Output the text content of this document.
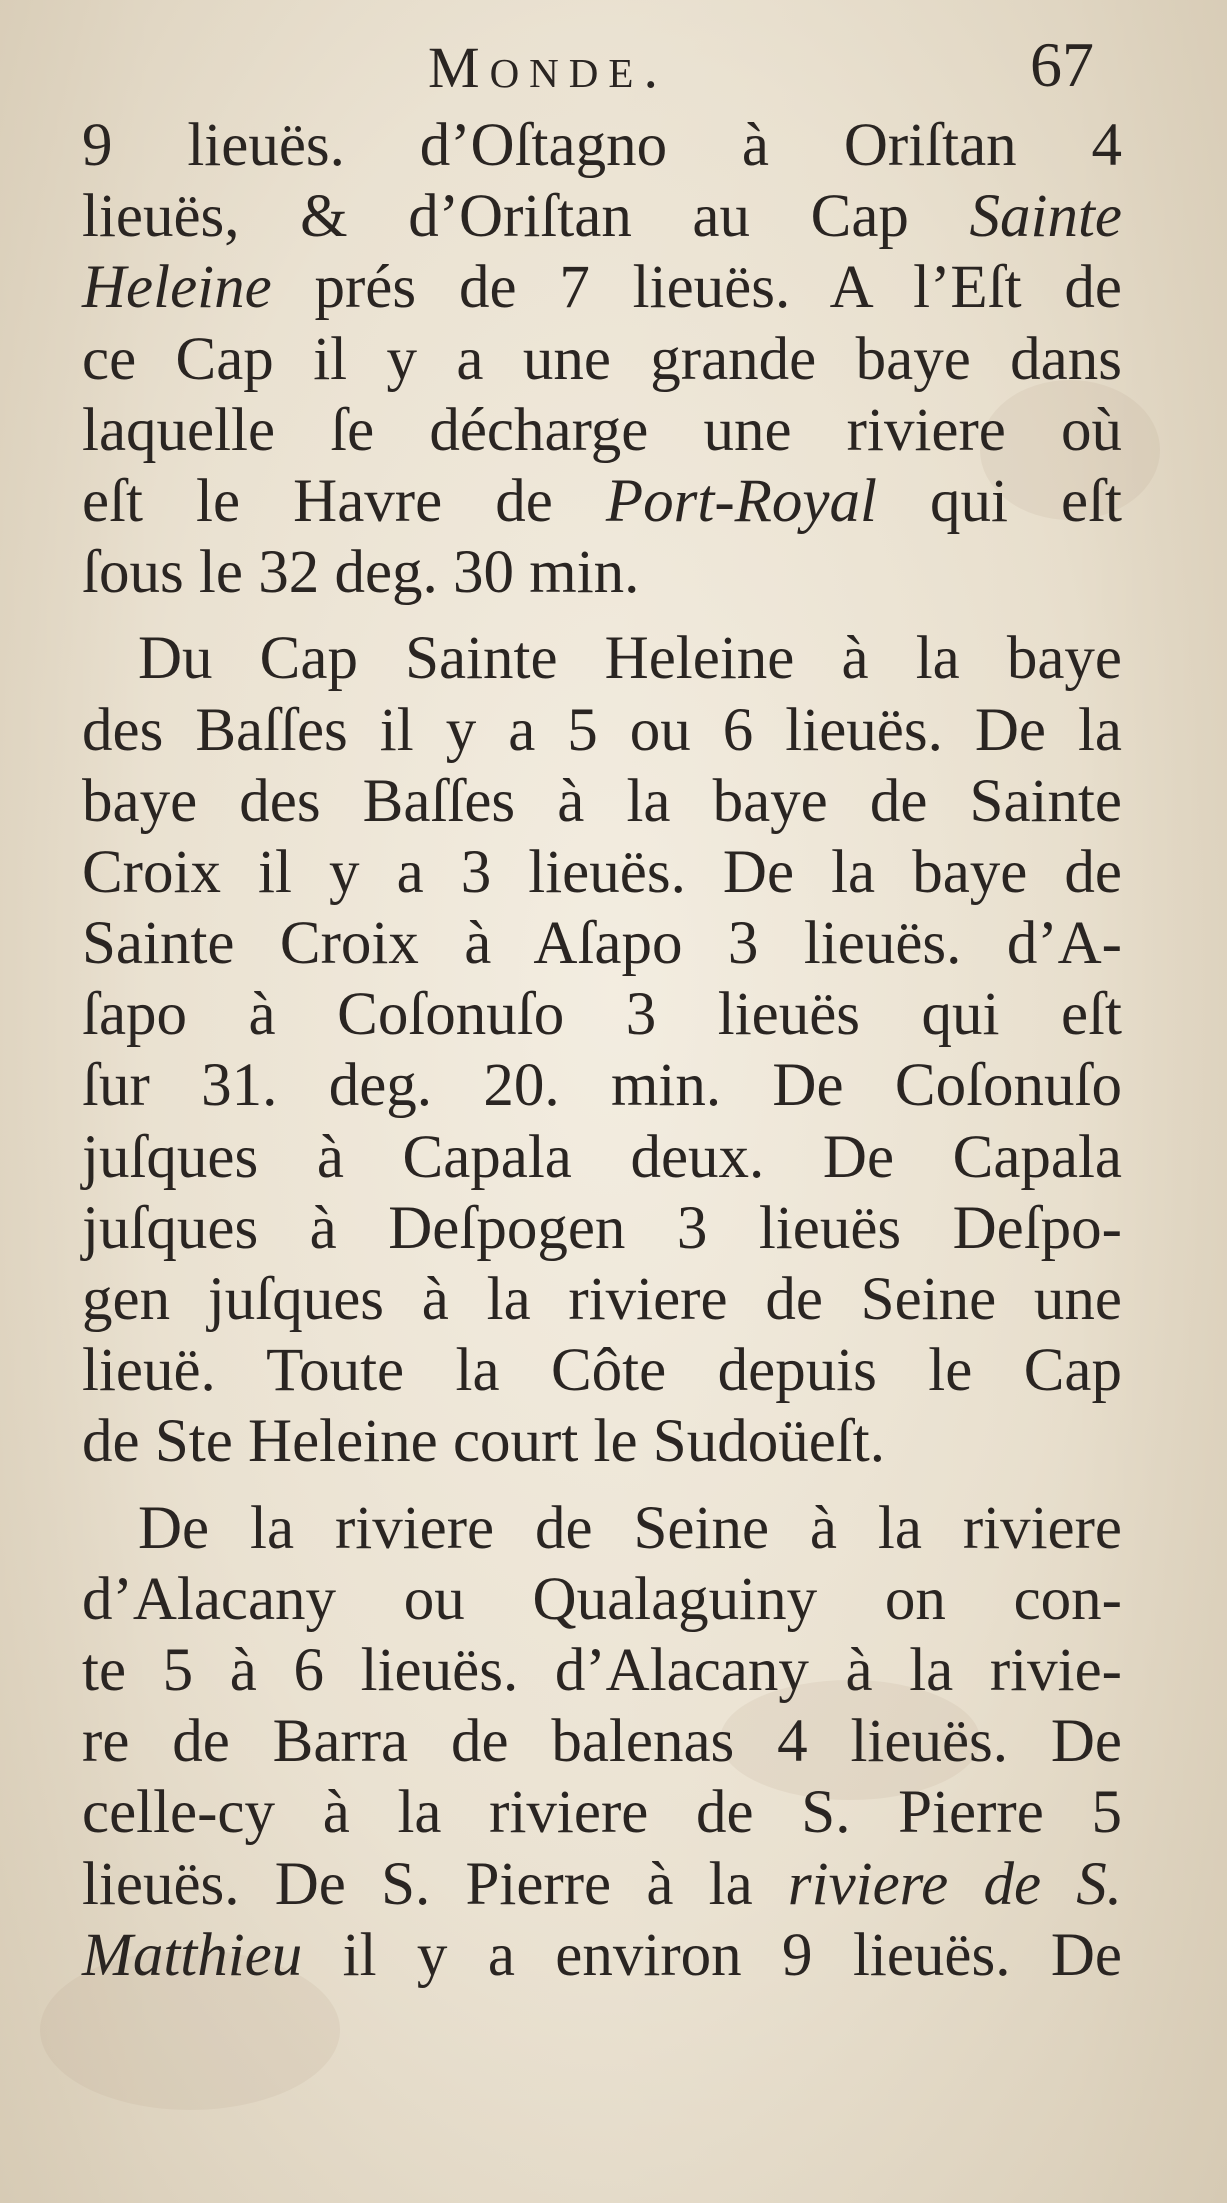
Monde.	67
9 lieuës. d’Oſtagno à Oriſtan 4
lieuës, & d’Oriſtan au Cap Sainte
Heleine prés de 7 lieuës. A l’Eſt de
ce Cap il y a une grande baye dans
laquelle ſe décharge une riviere où
eſt le Havre de Port-Royal qui eſt
ſous le 32 deg. 30 min.
Du Cap Sainte Heleine à la baye
des Baſſes il y a 5 ou 6 lieuës. De la
baye des Baſſes à la baye de Sainte
Croix il y a 3 lieuës. De la baye de
Sainte Croix à Aſapo 3 lieuës. d’A-
ſapo à Coſonuſo 3 lieuës qui eſt
ſur 31. deg. 20. min. De Coſonuſo
juſques à Capala deux. De Capala
juſques à Deſpogen 3 lieuës Deſpo-
gen juſques à la riviere de Seine une
lieuë. Toute la Côte depuis le Cap
de Ste Heleine court le Sudoüeſt.
De la riviere de Seine à la riviere
d’Alacany ou Qualaguiny on con-
te 5 à 6 lieuës. d’Alacany à la rivie-
re de Barra de balenas 4 lieuës. De
celle-cy à la riviere de S. Pierre 5
lieuës. De S. Pierre à la riviere de S.
Matthieu il y a environ 9 lieuës. De
